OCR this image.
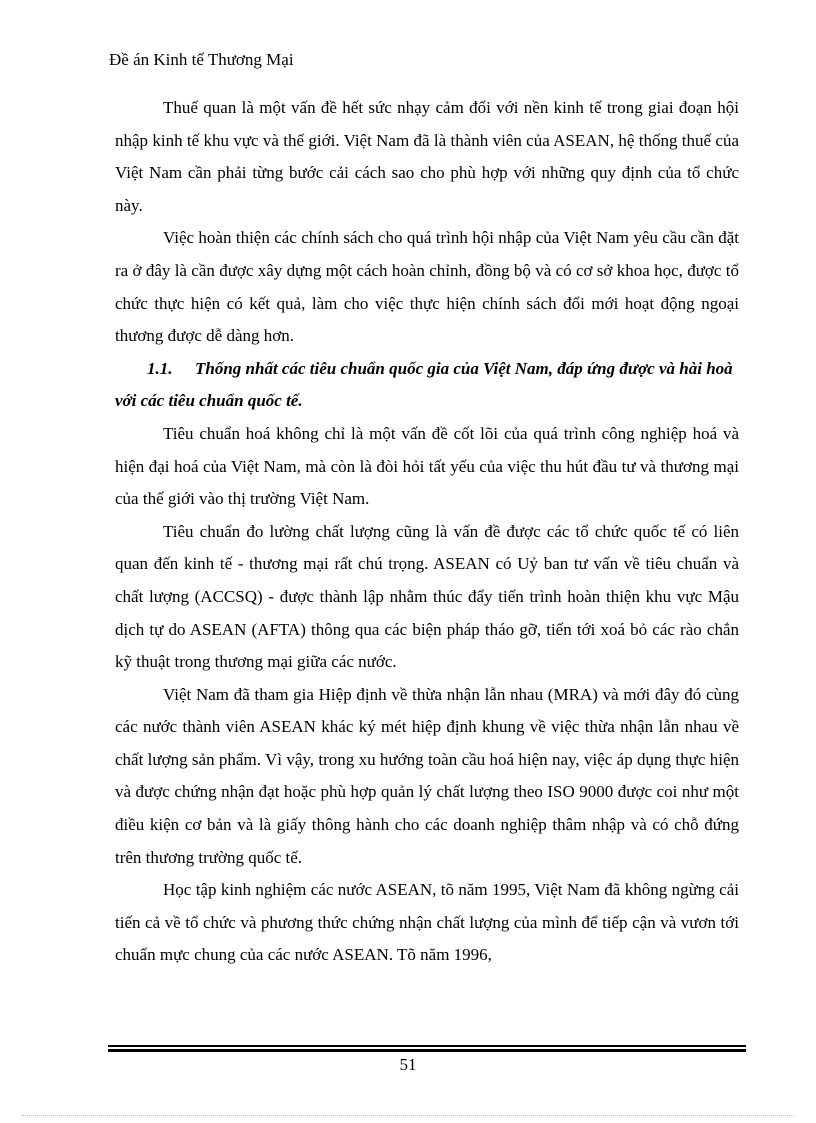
Đề án Kinh tế Thương Mại

Thuế quan là một vấn đề hết sức nhạy cảm đối với nền kinh tế trong giai đoạn hội nhập kinh tế khu vực và thế giới. Việt Nam đã là thành viên của ASEAN, hệ thống thuế của Việt Nam cần phải từng bước cải cách sao cho phù hợp với những quy định của tổ chức này.

Việc hoàn thiện các chính sách cho quá trình hội nhập của Việt Nam yêu cầu cần đặt ra ở đây là cần được xây dựng một cách hoàn chỉnh, đồng bộ và có cơ sở khoa học, được tổ chức thực hiện có kết quả, làm cho việc thực hiện chính sách đổi mới hoạt động ngoại thương được dễ dàng hơn.

1.1. Thống nhất các tiêu chuẩn quốc gia của Việt Nam, đáp ứng được và hài hoà với các tiêu chuẩn quốc tế.

Tiêu chuẩn hoá không chỉ là một vấn đề cốt lõi của quá trình công nghiệp hoá và hiện đại hoá của Việt Nam, mà còn là đòi hỏi tất yếu của việc thu hút đầu tư và thương mại của thế giới vào thị trường Việt Nam.

Tiêu chuẩn đo lường chất lượng cũng là vấn đề được các tổ chức quốc tế có liên quan đến kinh tế - thương mại rất chú trọng. ASEAN có Uỷ ban tư vấn về tiêu chuẩn và chất lượng (ACCSQ) - được thành lập nhằm thúc đẩy tiến trình hoàn thiện khu vực Mậu dịch tự do ASEAN (AFTA) thông qua các biện pháp tháo gỡ, tiến tới xoá bỏ các rào chắn kỹ thuật trong thương mại giữa các nước.

Việt Nam đã tham gia Hiệp định về thừa nhận lẫn nhau (MRA) và mới đây đó cùng các nước thành viên ASEAN khác ký mét hiệp định khung về việc thừa nhận lẫn nhau về chất lượng sản phẩm. Vì vậy, trong xu hướng toàn cầu hoá hiện nay, việc áp dụng thực hiện và được chứng nhận đạt hoặc phù hợp quản lý chất lượng theo ISO 9000 được coi như một điều kiện cơ bản và là giấy thông hành cho các doanh nghiệp thâm nhập và có chỗ đứng trên thương trường quốc tế.

Học tập kinh nghiệm các nước ASEAN, tõ năm 1995, Việt Nam đã không ngừng cải tiến cả về tổ chức và phương thức chứng nhận chất lượng của mình để tiếp cận và vươn tới chuẩn mực chung của các nước ASEAN. Tõ năm 1996,

51
